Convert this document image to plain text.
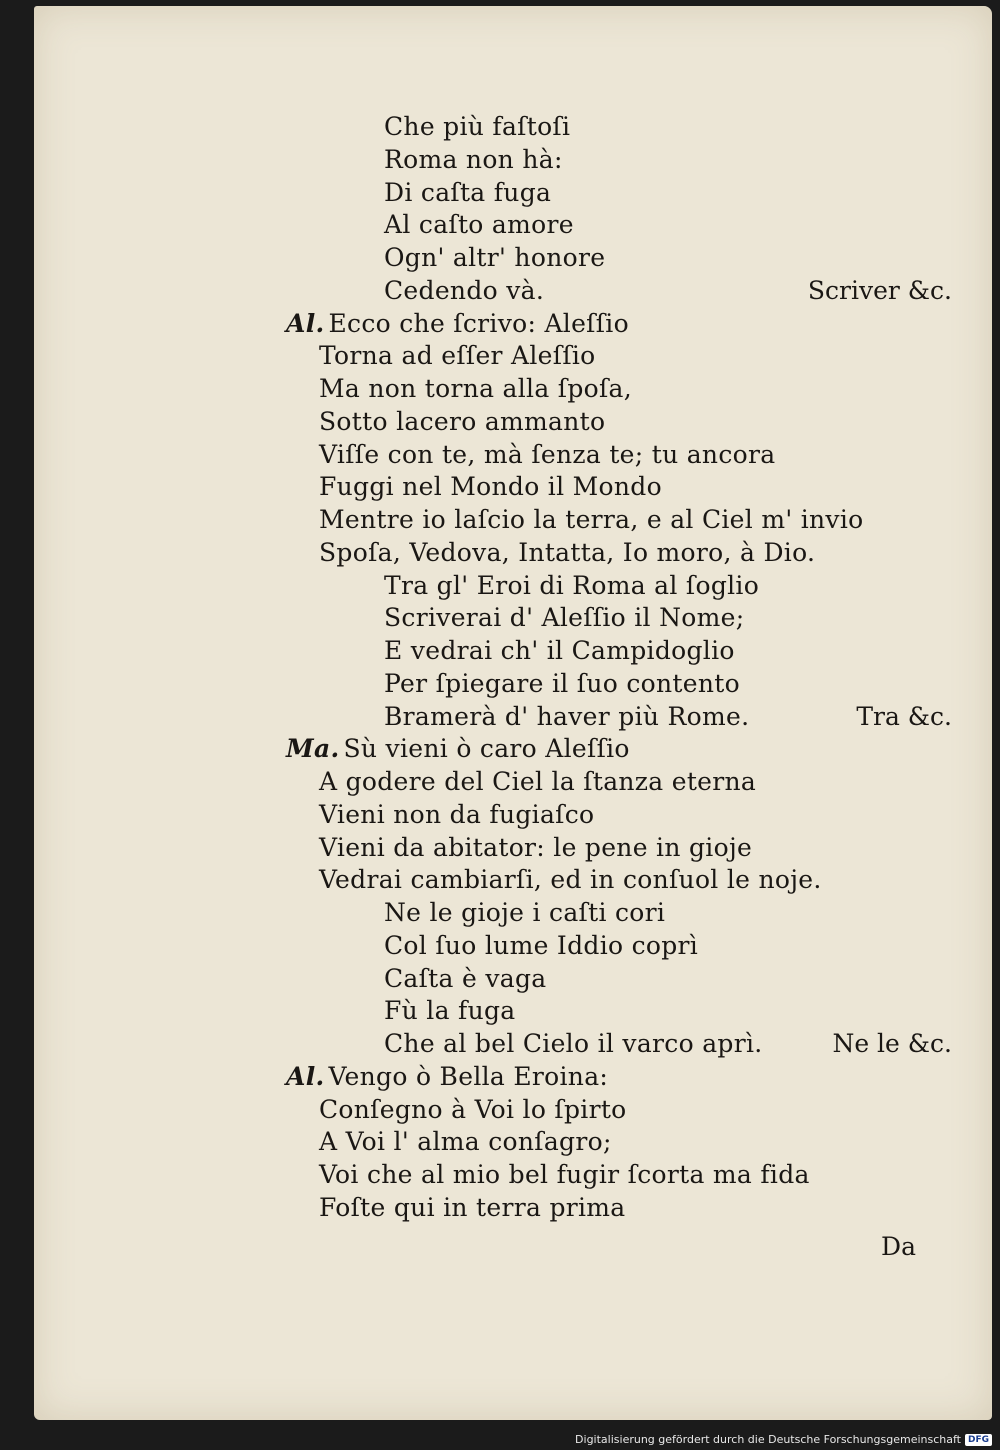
Che più faſtoſi
Roma non hà:
Di caſta fuga
Al caſto amore
Ogn' altr' honore
Cedendo và.	Scriver &c.
Al. Ecco che ſcrivo: Aleſſio
Torna ad eſſer Aleſſio
Ma non torna alla ſpoſa,
Sotto lacero ammanto
Viſſe con te, mà ſenza te; tu ancora
Fuggi nel Mondo il Mondo
Mentre io laſcio la terra, e al Ciel m' invio
Spoſa, Vedova, Intatta, Io moro, à Dio.
Tra gl' Eroi di Roma al ſoglio
Scriverai d' Aleſſio il Nome;
E vedrai ch' il Campidoglio
Per ſpiegare il ſuo contento
Bramerà d' haver più Rome.	Tra &c.
Ma. Sù vieni ò caro Aleſſio
A godere del Ciel la ſtanza eterna
Vieni non da fugiaſco
Vieni da abitator: le pene in gioje
Vedrai cambiarſi, ed in conſuol le noje.
Ne le gioje i caſti cori
Col ſuo lume Iddio coprì
Caſta è vaga
Fù la fuga
Che al bel Cielo il varco aprì.	Ne le &c.
Al. Vengo ò Bella Eroina:
Conſegno à Voi lo ſpirto
A Voi l' alma conſagro;
Voi che al mio bel fugir ſcorta ma fida
Foſte qui in terra prima
Da
Digitalisierung gefördert durch die Deutsche Forschungsgemeinschaft DFG
